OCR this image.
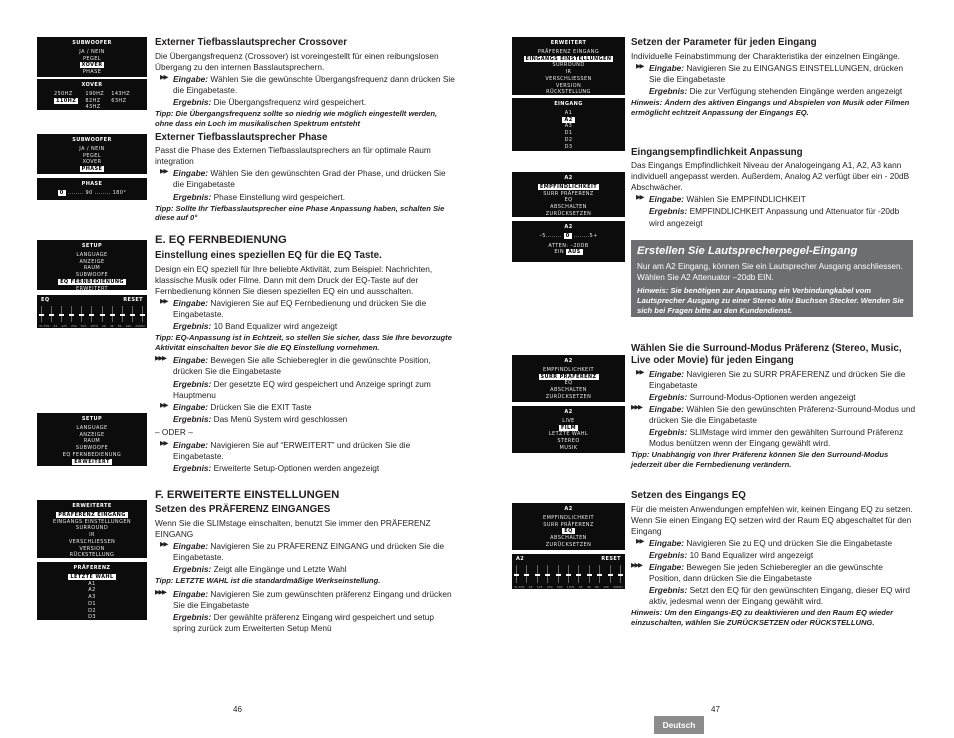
SUBWOOFER
JA / NEIN
PEGEL
XOVER
PHASE
XOVER
250HZ
110HZ
190HZ
82HZ
43HZ
143HZ
63HZ
SUBWOOFER
JA / NEIN
PEGEL
XOVER
PHASE
PHASE
0 ........ 90 ........ 180°
SETUP
LANGUAGE
ANZEIGE
RAUM
SUBWOOFE
EQ FERNBEDIENUNG
ERWEITERT
EQ	RESET
31.5Hz 63 125 250 500 1KHz 2K 4K 8K 16K 20KHz
SETUP
LANGUAGE
ANZEIGE
RAUM
SUBWOOFE
EQ FERNBEDIENUNG
ERWEITERT
ERWEITERTE
PRÄFERENZ EINGANG
EINGANGS EINSTELLUNGEN
SURROUND
IR
VERSCHLIESSEN
VERSION
RÜCKSTELLUNG
PRÄFERENZ
LETZTE WAHL
A1
A2
A3
D1
D2
D3
Externer Tiefbasslautsprecher Crossover

Die Übergangsfrequenz (Crossover) ist voreingestellt für einen reibungslosen Übergang zu den internen Basslautsprechern.

▶▶ Eingabe: Wählen Sie die gewünschte Übergangsfrequenz dann drücken Sie die Eingabetaste.

Ergebnis: Die Übergangsfrequenz wird gespeichert.

Tipp: Die Übergangsfrequenz sollte so niedrig wie möglich eingestellt werden, ohne dass ein Loch im musikalischen Spektrum entsteht

Externer Tiefbasslautsprecher Phase

Passt die Phase des Externen Tiefbasslautsprechers an für optimale Raum integration

▶▶ Eingabe: Wählen Sie den gewünschten Grad der Phase, und drücken Sie die Eingabetaste

Ergebnis: Phase Einstellung wird gespeichert.

Tipp: Sollte Ihr Tiefbasslautsprecher eine Phase Anpassung haben, schalten Sie diese auf 0°

E. EQ FERNBEDIENUNG
Einstellung eines speziellen EQ für die EQ Taste.

Design ein EQ speziell für Ihre beliebte Aktivität, zum Beispiel: Nachrichten, klassische Musik oder Filme. Dann mit dem Druck der EQ-Taste auf der Fernbedienung können Sie diesen speziellen EQ ein und ausschalten.

▶▶ Eingabe: Navigieren Sie auf EQ Fernbedienung und drücken Sie die Eingabetaste.

Ergebnis: 10 Band Equalizer wird angezeigt

Tipp: EQ-Anpassung ist in Echtzeit, so stellen Sie sicher, dass Sie Ihre bevorzugte Aktivität einschalten bevor Sie die EQ Einstellung vornehmen.

▶▶▶ Eingabe: Bewegen Sie alle Schieberegler in die gewünschte Position, drücken Sie die Eingabetaste

Ergebnis: Der gesetzte EQ wird gespeichert und Anzeige springt zum Hauptmenu

▶▶ Eingabe: Drücken Sie die EXIT Taste

Ergebnis: Das Menü System wird geschlossen

– ODER –

▶▶ Eingabe: Navigieren Sie auf “ERWEITERT” und drücken Sie die Eingabetaste.

Ergebnis: Erweiterte Setup-Optionen werden angezeigt

F. ERWEITERTE EINSTELLUNGEN
Setzen des PRÄFERENZ EINGANGES

Wenn Sie die SLIMstage einschalten, benutzt Sie immer den PRÄFERENZ EINGANG

▶▶ Eingabe: Navigieren Sie zu PRÄFERENZ EINGANG und drücken Sie die Eingabetaste.

Ergebnis: Zeigt alle Eingänge und Letzte Wahl

Tipp: LETZTE WAHL ist die standardmäßige Werkseinstellung.

▶▶▶ Eingabe: Navigieren Sie zum gewünschten präferenz Eingang und drücken Sie die Eingabetaste

Ergebnis: Der gewählte präferenz Eingang wird gespeichert und setup spring zurück zum Erweiterten Setup Menü

ERWEITERT
PRÄFERENZ EINGANG
EINGANGS EINSTELLUNGEN
SURROUND
IR
VERSCHLIESSEN
VERSION
RÜCKSTELLUNG
EINGANG
A1
A2
A3
D1
D2
D3
A2
EMPFINDLICHKEIT
SURR PRÄFERENZ
EQ
ABSCHALTEN
ZURÜCKSETZEN
A2
–5........ 0 ........5+
ATTEN: –20DB
EIN AUS
A2
EMPFINDLICHKEIT
SURR PRÄFERENZ
EQ
ABSCHALTEN
ZURÜCKSETZEN
A2
LIVE
FILM
LETZTE WAHL
STEREO
MUSIK
A2
EMPFINDLICHKEIT
SURR PRÄFERENZ
EQ
ABSCHALTEN
ZURÜCKSETZEN
A2	RESET
31.5Hz 63 125 250 500 1KHz 2K 4K 8K 16K 20KHz
Setzen der Parameter für jeden Eingang

Individuelle Feinabstimmung der Charakteristika der einzelnen Eingänge.

▶▶ Eingabe: Navigieren Sie zu EINGANGS EINSTELLUNGEN, drücken Sie die Eingabetaste

Ergebnis: Die zur Verfügung stehenden Eingänge werden angezeigt

Hinweis: Ändern des aktiven Eingangs und Abspielen von Musik oder Filmen ermöglicht echtzeit Anpassung der Eingangs EQ.

Eingangsempfindlichkeit Anpassung

Das Eingangs Empfindlichkeit Niveau der Analogeingang A1, A2, A3 kann individuell angepasst werden. Außerdem, Analog A2 verfügt über ein - 20dB Abschwächer.

▶▶ Eingabe: Wählen Sie EMPFINDLICHKEIT

Ergebnis: EMPFINDLICHKEIT Anpassung und Attenuator für -20db wird angezeigt

Erstellen Sie Lautsprecherpegel-Eingang

Nur am A2 Eingang, können Sie ein Lautsprecher Ausgang anschliessen. Wählen Sie A2 Attenuator –20db EIN.

Hinweis: Sie benötigen zur Anpassung ein Verbindungkabel vom Lautsprecher Ausgang zu einer Stereo Mini Buchsen Stecker. Wenden Sie sich bei Fragen bitte an den Kundendienst.

Wählen Sie die Surround-Modus Präferenz (Stereo, Music, Live oder Movie) für jeden Eingang

▶▶ Eingabe: Navigieren Sie zu SURR PRÄFERENZ und drücken Sie die Eingabetaste

Ergebnis: Surround-Modus-Optionen werden angezeigt

▶▶▶ Eingabe: Wählen Sie den gewünschten Präferenz-Surround-Modus und drücken Sie die Eingabetaste

Ergebnis: SLIMstage wird immer den gewählten Surround Präferenz Modus benützen wenn der Eingang gewählt wird.

Tipp: Unabhängig von Ihrer Präferenz können Sie den Surround-Modus jederzeit über die Fernbedienung verändern.

Setzen des Eingangs EQ

Für die meisten Anwendungen empfehlen wir, keinen Eingang EQ zu setzen. Wenn Sie einen Eingang EQ setzen wird der Raum EQ abgeschaltet für den Eingang

▶▶ Eingabe: Navigieren Sie zu EQ und drücken Sie die Eingabetaste

Ergebnis: 10 Band Equalizer wird angezeigt

▶▶▶ Eingabe: Bewegen Sie jeden Schieberegler an die gewünschte Position, dann drücken Sie die Eingabetaste

Ergebnis: Setzt den EQ für den gewünschten Eingang, dieser EQ wird aktiv, jedesmal wenn der Eingang gewählt wird.

Hinweis: Um den Eingangs-EQ zu deaktivieren und den Raum EQ wieder einzuschalten, wählen Sie ZURÜCKSETZEN oder RÜCKSTELLUNG.

46	47
Deutsch
